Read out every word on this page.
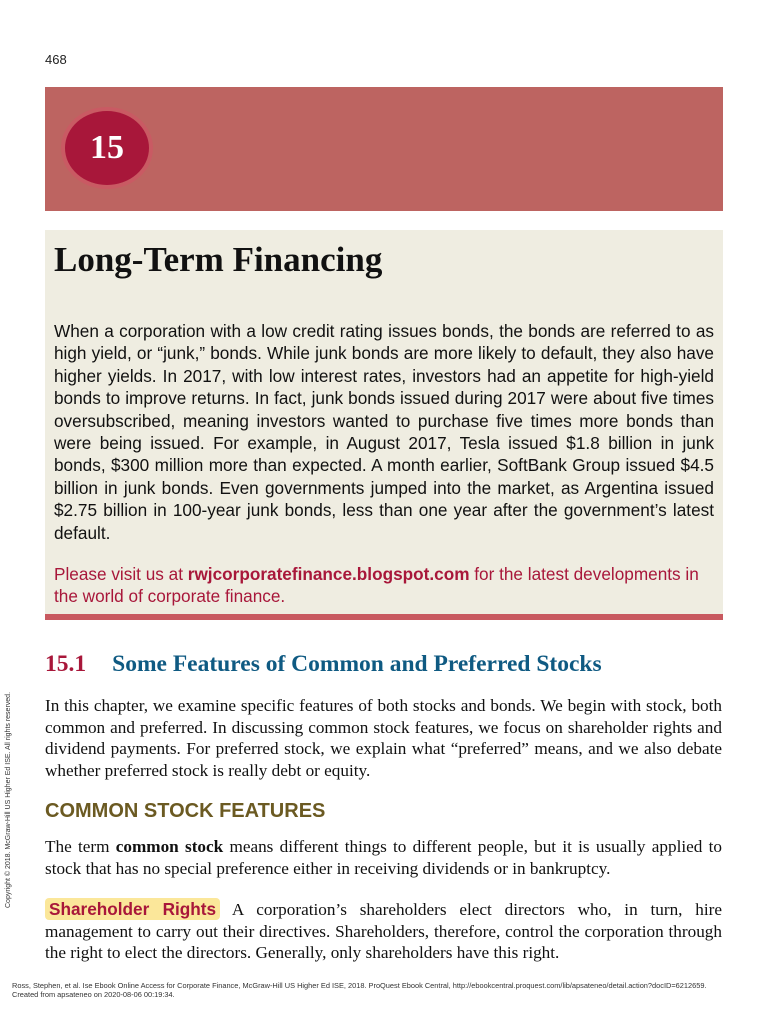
468
15
Long-Term Financing

When a corporation with a low credit rating issues bonds, the bonds are referred to as high yield, or “junk,” bonds. While junk bonds are more likely to default, they also have higher yields. In 2017, with low interest rates, investors had an appetite for high-yield bonds to improve returns. In fact, junk bonds issued during 2017 were about five times oversubscribed, meaning investors wanted to purchase five times more bonds than were being issued. For example, in August 2017, Tesla issued $1.8 billion in junk bonds, $300 million more than expected. A month earlier, SoftBank Group issued $4.5 billion in junk bonds. Even governments jumped into the market, as Argentina issued $2.75 billion in 100-year junk bonds, less than one year after the government’s latest default.

Please visit us at rwjcorporatefinance.blogspot.com for the latest developments in the world of corporate finance.

15.1 Some Features of Common and Preferred Stocks

In this chapter, we examine specific features of both stocks and bonds. We begin with stock, both common and preferred. In discussing common stock features, we focus on shareholder rights and dividend payments. For preferred stock, we explain what “preferred” means, and we also debate whether preferred stock is really debt or equity.

COMMON STOCK FEATURES

The term common stock means different things to different people, but it is usually applied to stock that has no special preference either in receiving dividends or in bankruptcy.

Shareholder Rights A corporation’s shareholders elect directors who, in turn, hire management to carry out their directives. Shareholders, therefore, control the corporation through the right to elect the directors. Generally, only shareholders have this right.

Copyright © 2018. McGraw-Hill US Higher Ed ISE. All rights reserved.
Ross, Stephen, et al. Ise Ebook Online Access for Corporate Finance, McGraw-Hill US Higher Ed ISE, 2018. ProQuest Ebook Central, http://ebookcentral.proquest.com/lib/apsateneo/detail.action?docID=6212659.
Created from apsateneo on 2020-08-06 00:19:34.
